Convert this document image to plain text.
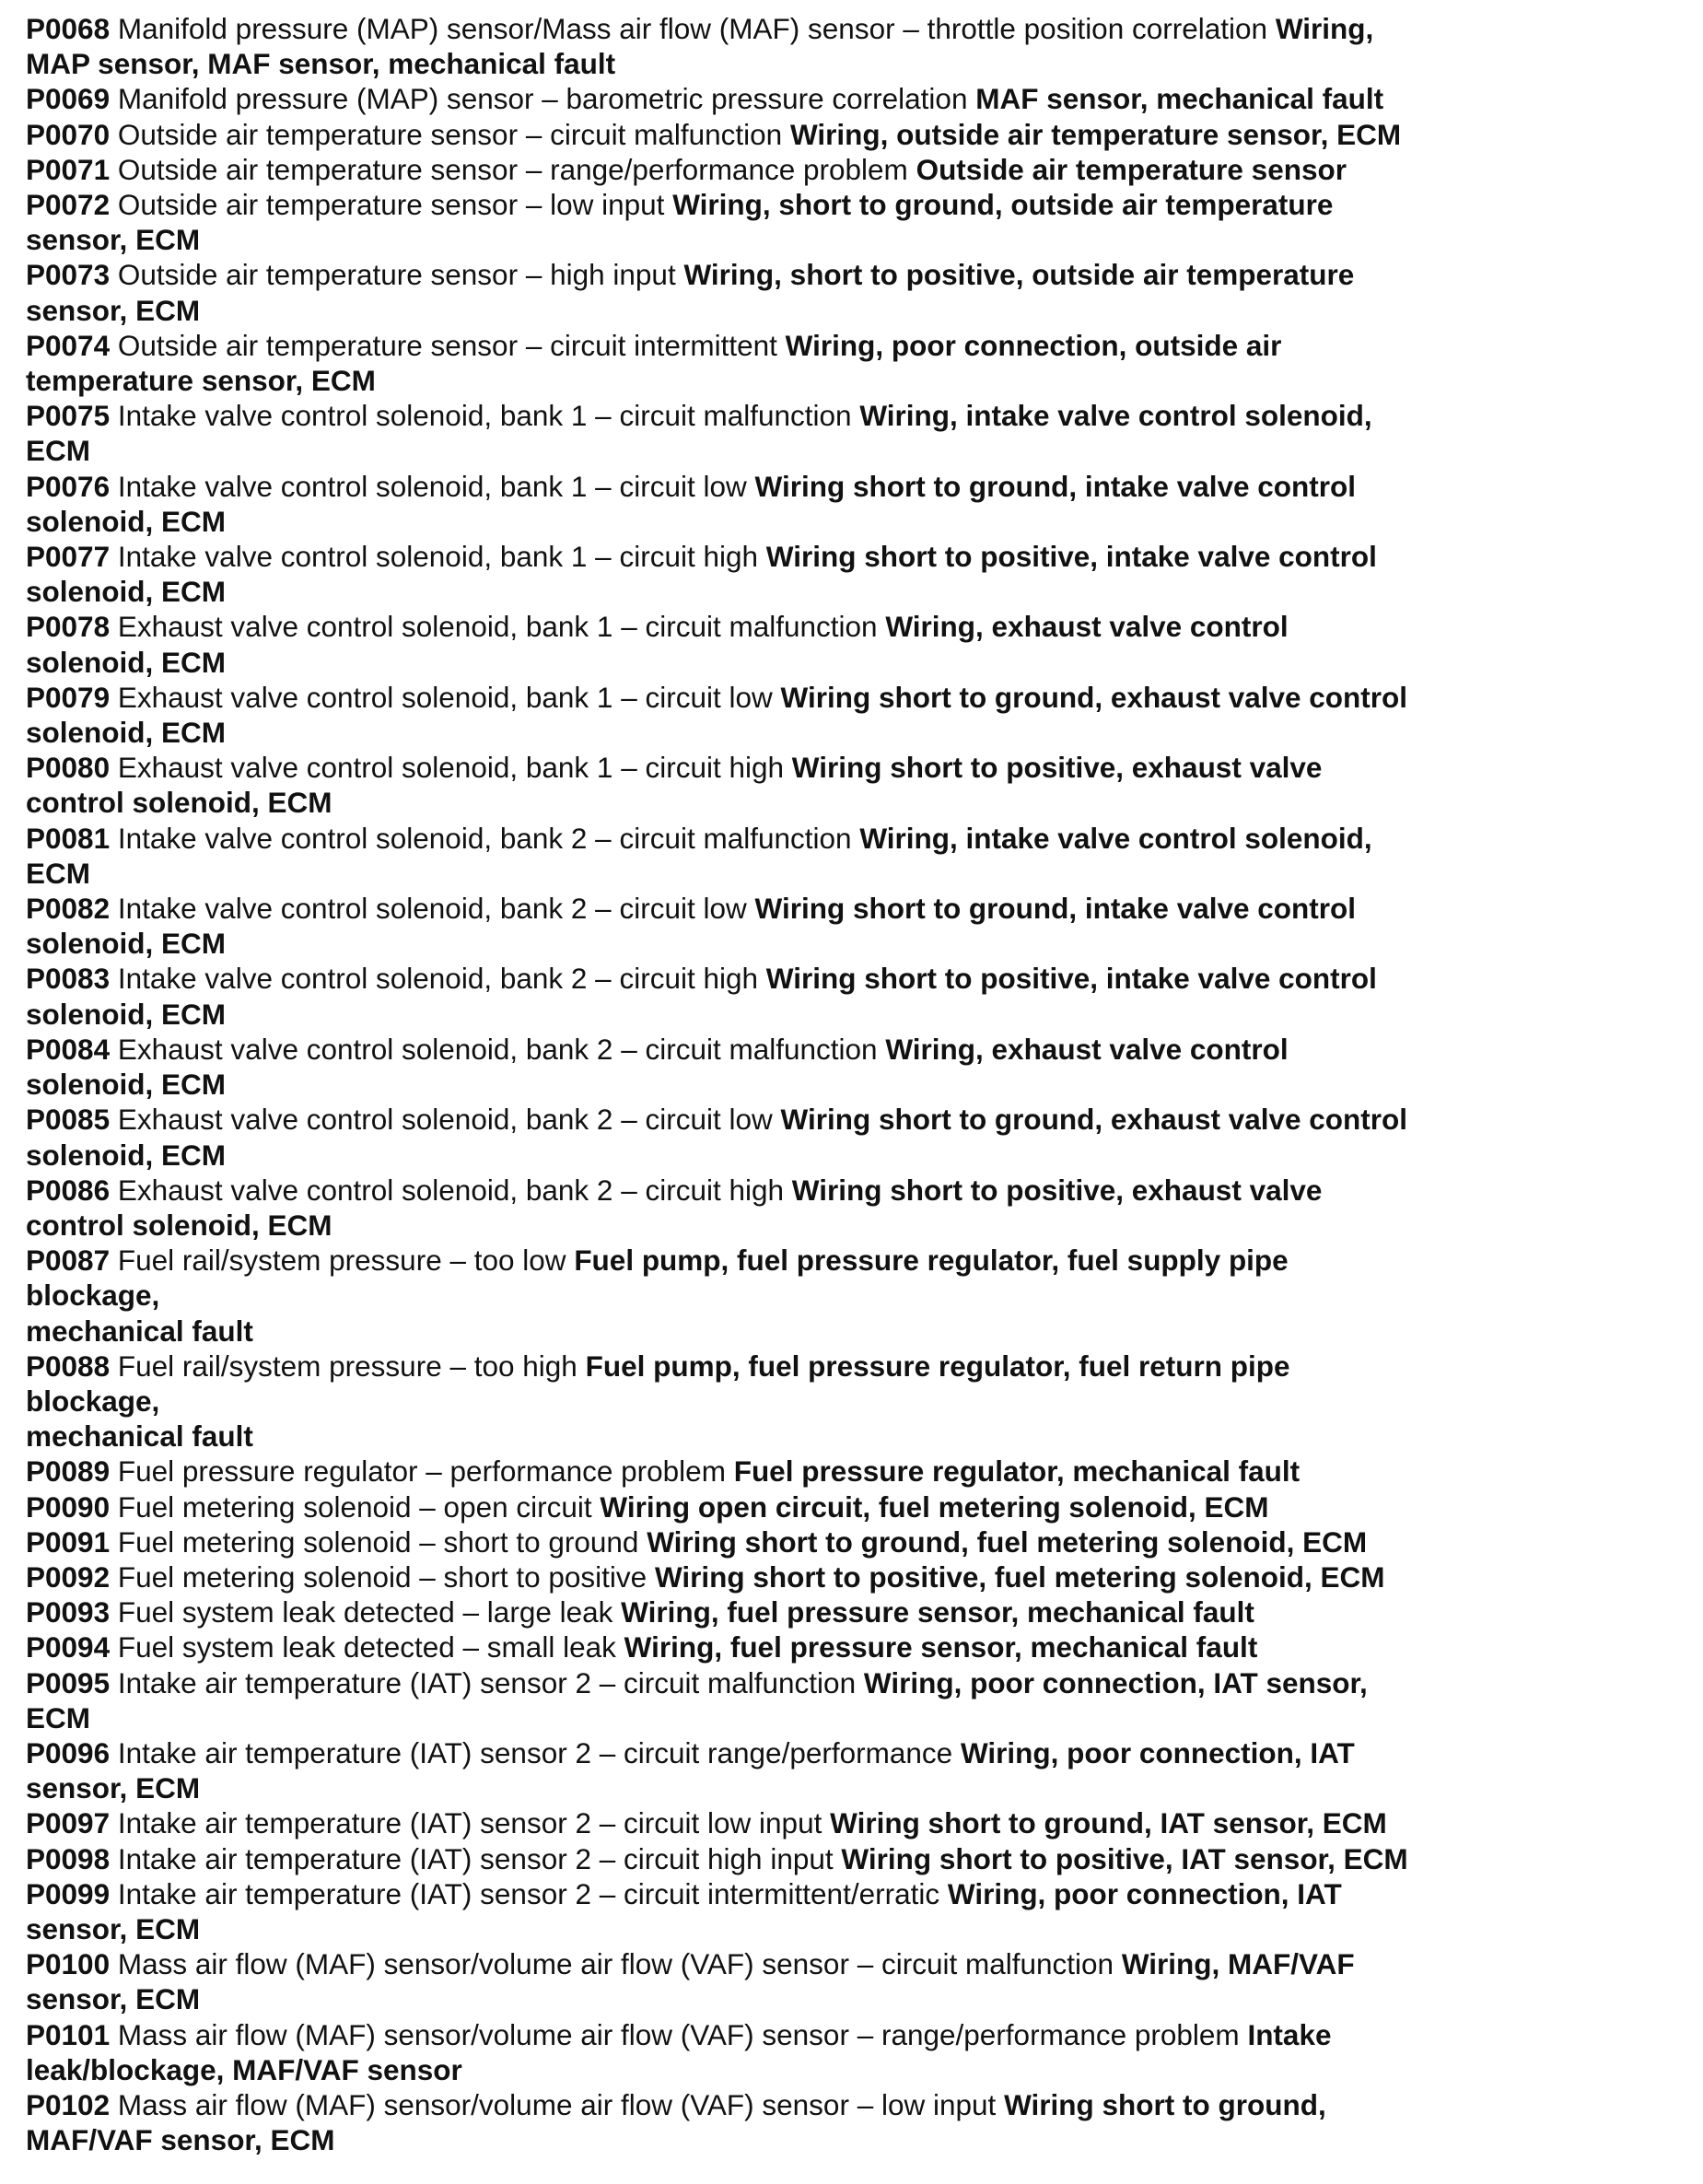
P0068 Manifold pressure (MAP) sensor/Mass air flow (MAF) sensor – throttle position correlation Wiring,
MAP sensor, MAF sensor, mechanical fault
P0069 Manifold pressure (MAP) sensor – barometric pressure correlation MAF sensor, mechanical fault
P0070 Outside air temperature sensor – circuit malfunction Wiring, outside air temperature sensor, ECM
P0071 Outside air temperature sensor – range/performance problem Outside air temperature sensor
P0072 Outside air temperature sensor – low input Wiring, short to ground, outside air temperature
sensor, ECM
P0073 Outside air temperature sensor – high input Wiring, short to positive, outside air temperature
sensor, ECM
P0074 Outside air temperature sensor – circuit intermittent Wiring, poor connection, outside air
temperature sensor, ECM
P0075 Intake valve control solenoid, bank 1 – circuit malfunction Wiring, intake valve control solenoid,
ECM
P0076 Intake valve control solenoid, bank 1 – circuit low Wiring short to ground, intake valve control
solenoid, ECM
P0077 Intake valve control solenoid, bank 1 – circuit high Wiring short to positive, intake valve control
solenoid, ECM
P0078 Exhaust valve control solenoid, bank 1 – circuit malfunction Wiring, exhaust valve control
solenoid, ECM
P0079 Exhaust valve control solenoid, bank 1 – circuit low Wiring short to ground, exhaust valve control
solenoid, ECM
P0080 Exhaust valve control solenoid, bank 1 – circuit high Wiring short to positive, exhaust valve
control solenoid, ECM
P0081 Intake valve control solenoid, bank 2 – circuit malfunction Wiring, intake valve control solenoid,
ECM
P0082 Intake valve control solenoid, bank 2 – circuit low Wiring short to ground, intake valve control
solenoid, ECM
P0083 Intake valve control solenoid, bank 2 – circuit high Wiring short to positive, intake valve control
solenoid, ECM
P0084 Exhaust valve control solenoid, bank 2 – circuit malfunction Wiring, exhaust valve control
solenoid, ECM
P0085 Exhaust valve control solenoid, bank 2 – circuit low Wiring short to ground, exhaust valve control
solenoid, ECM
P0086 Exhaust valve control solenoid, bank 2 – circuit high Wiring short to positive, exhaust valve
control solenoid, ECM
P0087 Fuel rail/system pressure – too low Fuel pump, fuel pressure regulator, fuel supply pipe
blockage,
mechanical fault
P0088 Fuel rail/system pressure – too high Fuel pump, fuel pressure regulator, fuel return pipe
blockage,
mechanical fault
P0089 Fuel pressure regulator – performance problem Fuel pressure regulator, mechanical fault
P0090 Fuel metering solenoid – open circuit Wiring open circuit, fuel metering solenoid, ECM
P0091 Fuel metering solenoid – short to ground Wiring short to ground, fuel metering solenoid, ECM
P0092 Fuel metering solenoid – short to positive Wiring short to positive, fuel metering solenoid, ECM
P0093 Fuel system leak detected – large leak Wiring, fuel pressure sensor, mechanical fault
P0094 Fuel system leak detected – small leak Wiring, fuel pressure sensor, mechanical fault
P0095 Intake air temperature (IAT) sensor 2 – circuit malfunction Wiring, poor connection, IAT sensor,
ECM
P0096 Intake air temperature (IAT) sensor 2 – circuit range/performance Wiring, poor connection, IAT
sensor, ECM
P0097 Intake air temperature (IAT) sensor 2 – circuit low input Wiring short to ground, IAT sensor, ECM
P0098 Intake air temperature (IAT) sensor 2 – circuit high input Wiring short to positive, IAT sensor, ECM
P0099 Intake air temperature (IAT) sensor 2 – circuit intermittent/erratic Wiring, poor connection, IAT
sensor, ECM
P0100 Mass air flow (MAF) sensor/volume air flow (VAF) sensor – circuit malfunction Wiring, MAF/VAF
sensor, ECM
P0101 Mass air flow (MAF) sensor/volume air flow (VAF) sensor – range/performance problem Intake
leak/blockage, MAF/VAF sensor
P0102 Mass air flow (MAF) sensor/volume air flow (VAF) sensor – low input Wiring short to ground,
MAF/VAF sensor, ECM
